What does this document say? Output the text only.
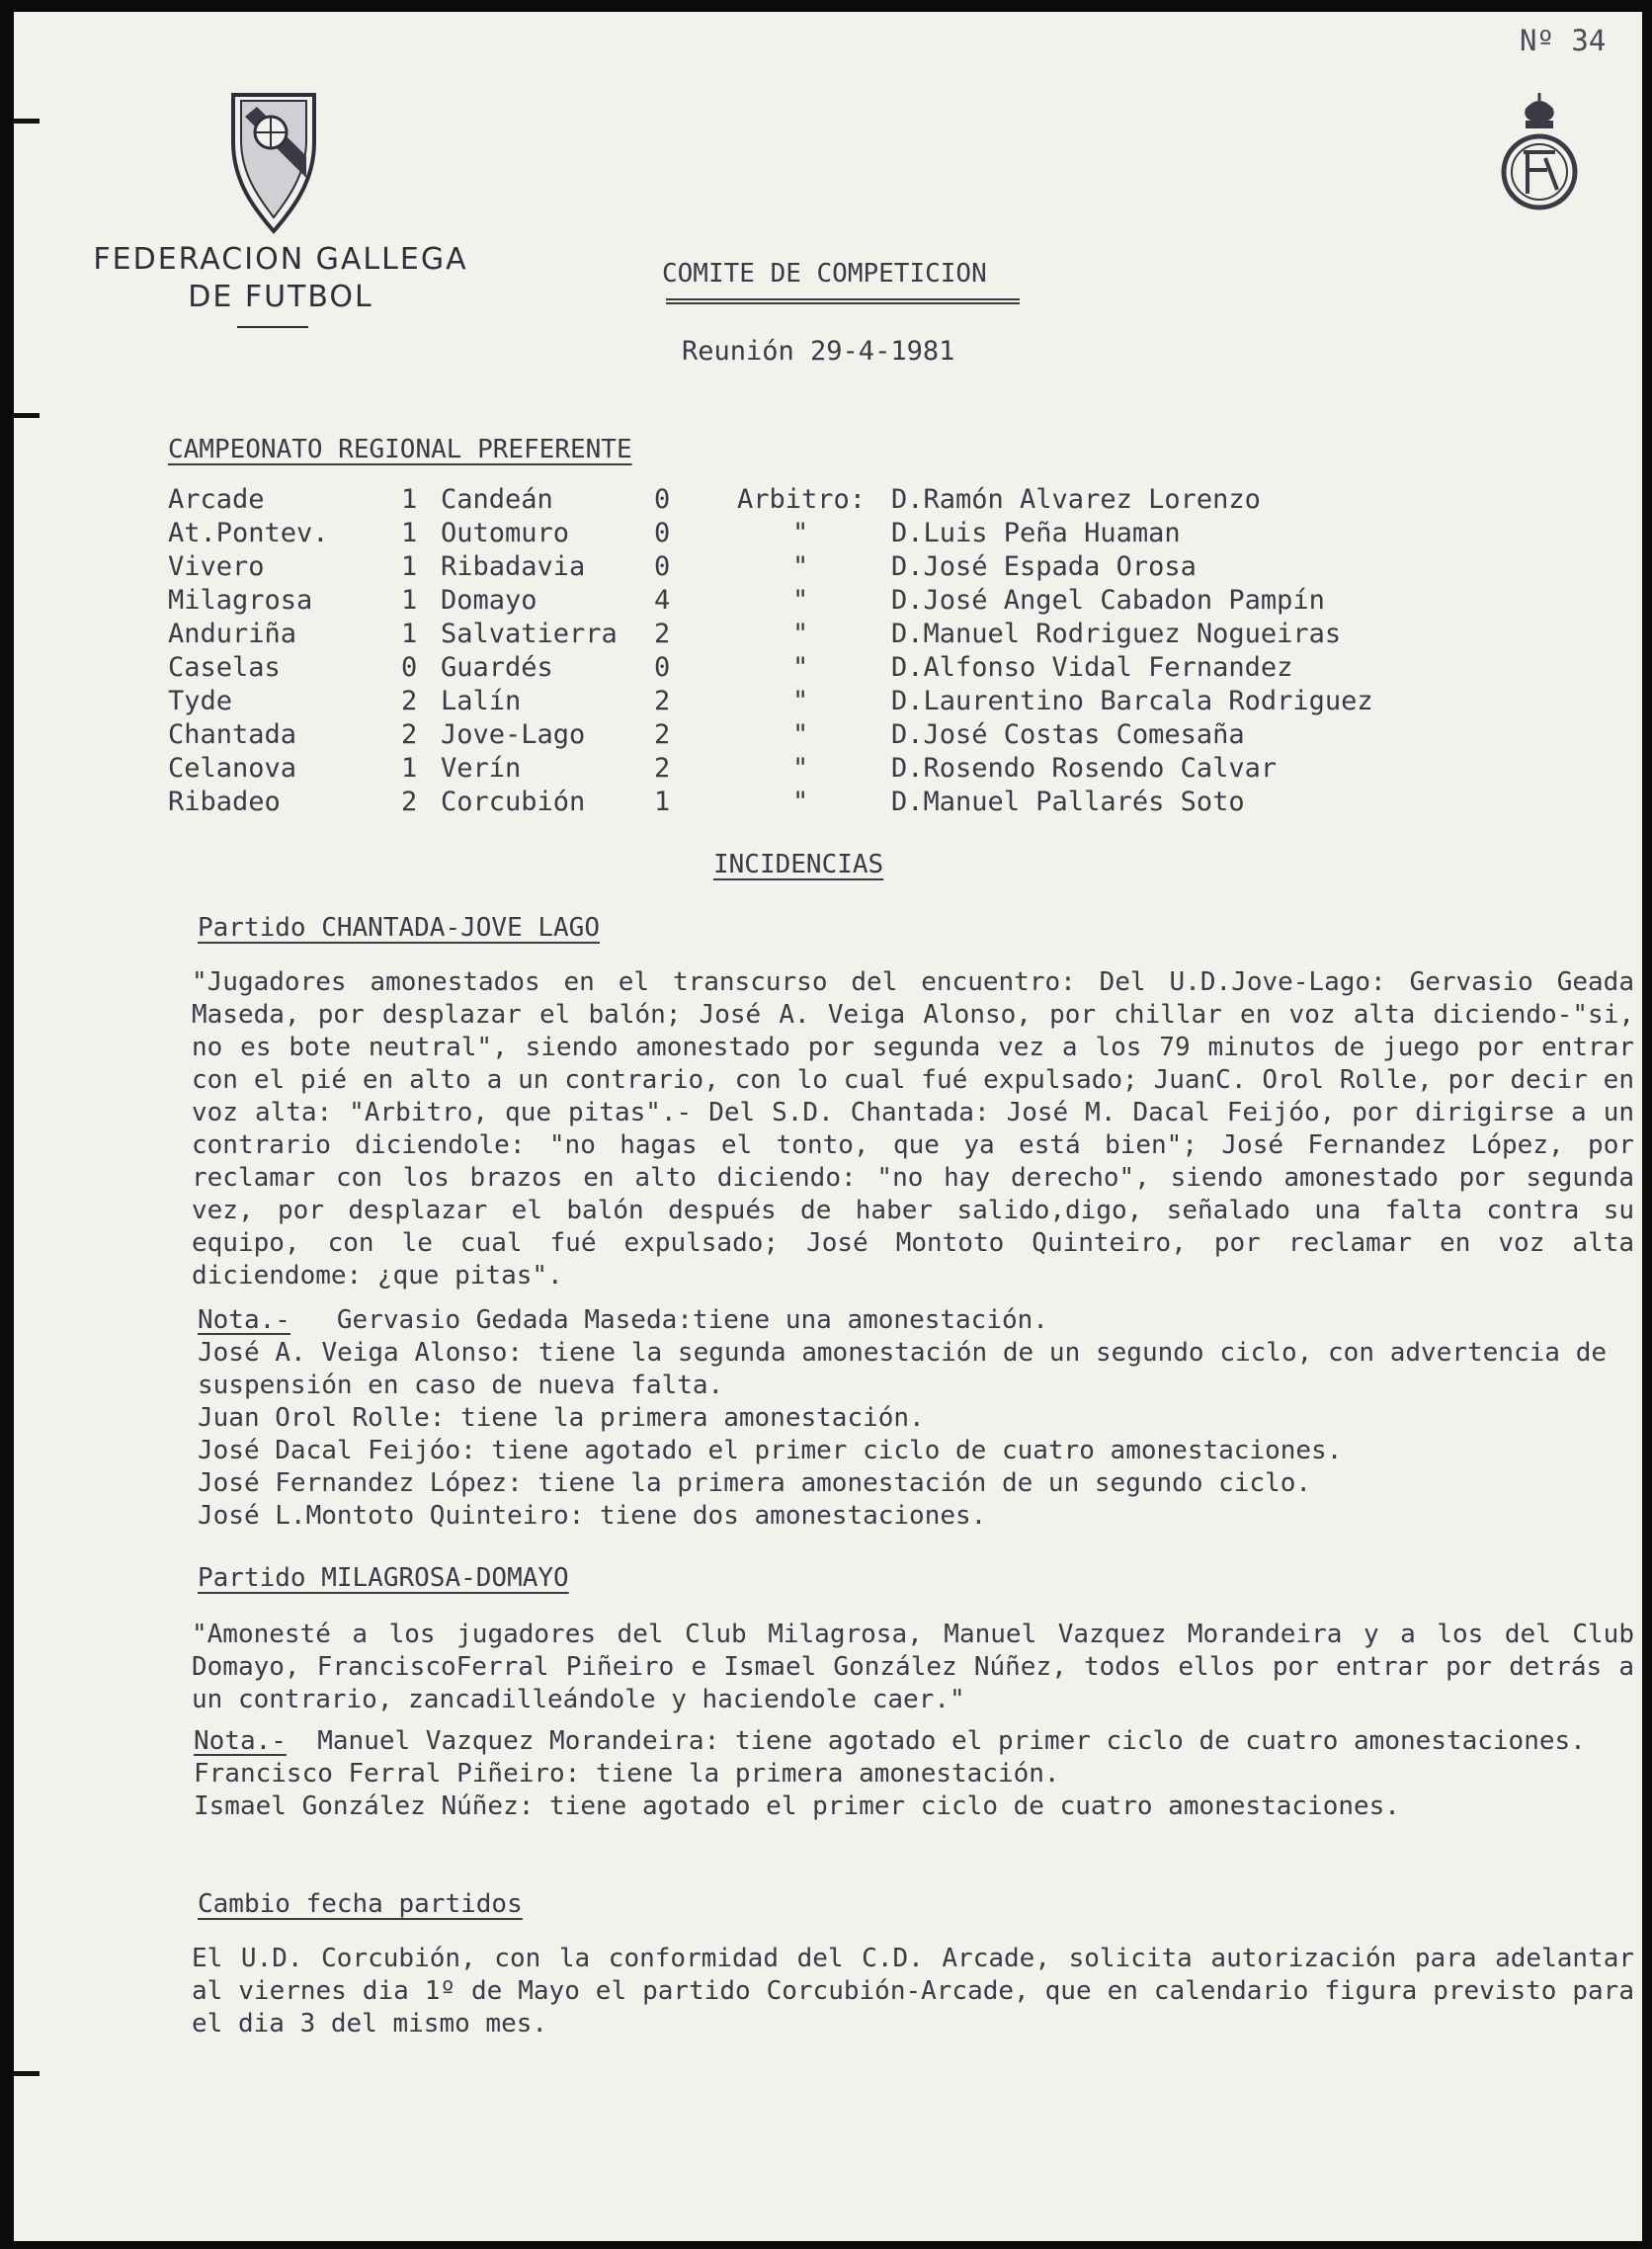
Nº 34
FEDERACION GALLEGA
DE FUTBOL
COMITE DE COMPETICION
Reunión 29-4-1981
CAMPEONATO REGIONAL PREFERENTE
Arcade	1 Candeán	0	Arbitro: D.Ramón Alvarez Lorenzo
At.Pontev.	1 Outomuro	0	"	D.Luis Peña Huaman
Vivero	1 Ribadavia	0	"	D.José Espada Orosa
Milagrosa	1 Domayo	4	"	D.José Angel Cabadon Pampín
Anduriña	1 Salvatierra 2	"	D.Manuel Rodriguez Nogueiras
Caselas	0 Guardés	0	"	D.Alfonso Vidal Fernandez
Tyde	2 Lalín	2	"	D.Laurentino Barcala Rodriguez
Chantada	2 Jove-Lago	2	"	D.José Costas Comesaña
Celanova	1 Verín	2	"	D.Rosendo Rosendo Calvar
Ribadeo	2 Corcubión	1	"	D.Manuel Pallarés Soto
INCIDENCIAS
Partido CHANTADA-JOVE LAGO
"Jugadores amonestados en el transcurso del encuentro: Del U.D.Jove-Lago: Gervasio Geada Maseda, por desplazar el balón; José A. Veiga Alonso, por chillar en voz alta diciendo-"si, no es bote neutral", siendo amonestado por segunda vez a los 79 minutos de juego por entrar con el pié en alto a un contrario, con lo cual fué expulsado; JuanC. Orol Rolle, por decir en voz alta: "Arbitro, que pitas".- Del S.D. Chantada: José M. Dacal Feijóo, por dirigirse a un contrario diciendole: "no hagas el tonto, que ya está bien"; José Fernandez López, por reclamar con los brazos en alto diciendo: "no hay derecho", siendo amonestado por segunda vez, por desplazar el balón después de haber salido,digo, señalado una falta contra su equipo, con le cual fué expulsado; José Montoto Quinteiro, por reclamar en voz alta diciendome: ¿que pitas".
Nota.- Gervasio Gedada Maseda:tiene una amonestación.
José A. Veiga Alonso: tiene la segunda amonestación de un segundo ciclo, con advertencia de suspensión en caso de nueva falta.
Juan Orol Rolle: tiene la primera amonestación.
José Dacal Feijóo: tiene agotado el primer ciclo de cuatro amonestaciones.
José Fernandez López: tiene la primera amonestación de un segundo ciclo.
José L.Montoto Quinteiro: tiene dos amonestaciones.
Partido MILAGROSA-DOMAYO
"Amonesté a los jugadores del Club Milagrosa, Manuel Vazquez Morandeira y a los del Club Domayo, FranciscoFerral Piñeiro e Ismael González Núñez, todos ellos por entrar por detrás a un contrario, zancadilleándole y haciendole caer."
Nota.- Manuel Vazquez Morandeira: tiene agotado el primer ciclo de cuatro amonestaciones.
Francisco Ferral Piñeiro: tiene la primera amonestación.
Ismael González Núñez: tiene agotado el primer ciclo de cuatro amonestaciones.
Cambio fecha partidos
El U.D. Corcubión, con la conformidad del C.D. Arcade, solicita autorización para adelantar al viernes dia 1º de Mayo el partido Corcubión-Arcade, que en calendario figura previsto para el dia 3 del mismo mes.
